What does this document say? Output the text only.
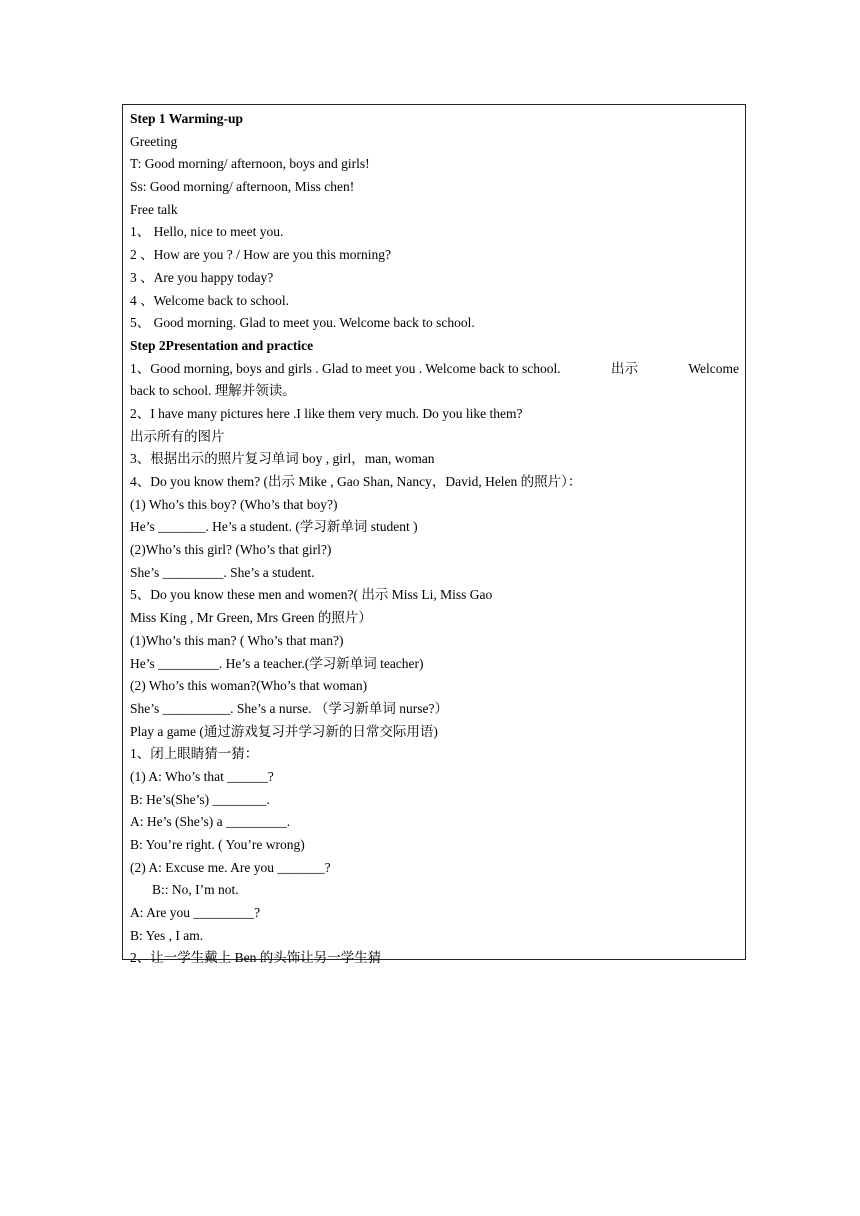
Step 1 Warming-up
Greeting
T: Good morning/ afternoon, boys and girls!
Ss: Good morning/ afternoon, Miss chen!
Free talk
1、 Hello, nice to meet you.
2 、How are you ? / How are you this morning?
3 、Are you happy today?
4 、Welcome back to school.
5、 Good morning. Glad to meet you. Welcome back to school.
Step 2Presentation and practice
1、Good morning, boys and girls . Glad to meet you . Welcome back to school.	出示	Welcome
back to school. 理解并领读。
2、I have many pictures here .I like them very much. Do you like them?
出示所有的图片
3、根据出示的照片复习单词 boy , girl，man, woman
4、Do you know them? (出示 Mike , Gao Shan, Nancy，David, Helen 的照片）：
(1) Who’s this boy? (Who’s that boy?)
He’s _______. He’s a student. (学习新单词 student )
(2)Who’s this girl? (Who’s that girl?)
She’s _________. She’s a student.
5、Do you know these men and women?( 出示 Miss Li, Miss Gao
Miss King , Mr Green, Mrs Green 的照片）
(1)Who’s this man? ( Who’s that man?)
He’s _________. He’s a teacher.(学习新单词 teacher)
(2) Who’s this woman?(Who’s that woman)
She’s __________. She’s a nurse. （学习新单词 nurse?）
Play a game (通过游戏复习并学习新的日常交际用语)
1、闭上眼睛猜一猜：
(1) A: Who’s that ______?
B: He’s(She’s) ________.
A: He’s (She’s) a _________.
B: You’re right. ( You’re wrong)
(2) A: Excuse me. Are you _______?
B:: No, I’m not.
A: Are you _________?
B: Yes , I am.
2、让一学生戴上 Ben 的头饰让另一学生猜
